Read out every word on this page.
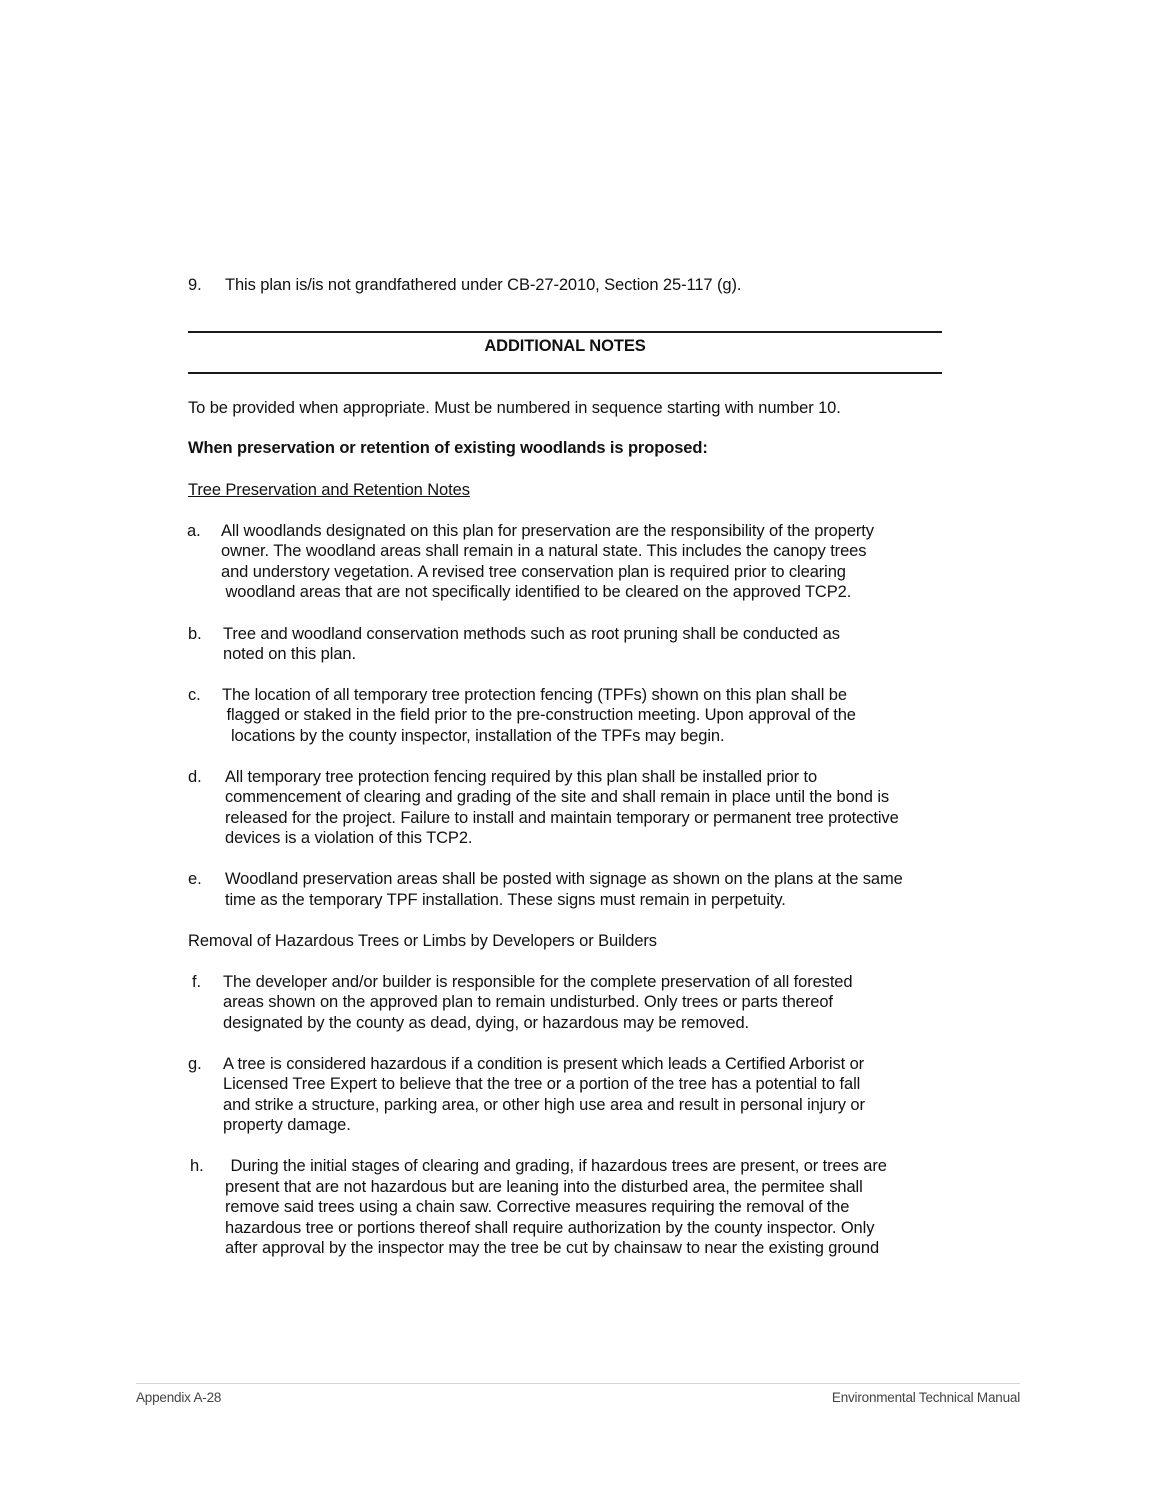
9. This plan is/is not grandfathered under CB-27-2010, Section 25-117 (g).
ADDITIONAL NOTES
To be provided when appropriate. Must be numbered in sequence starting with number 10.
When preservation or retention of existing woodlands is proposed:
Tree Preservation and Retention Notes
a. All woodlands designated on this plan for preservation are the responsibility of the property
owner. The woodland areas shall remain in a natural state. This includes the canopy trees
and understory vegetation. A revised tree conservation plan is required prior to clearing
woodland areas that are not specifically identified to be cleared on the approved TCP2.
b. Tree and woodland conservation methods such as root pruning shall be conducted as
noted on this plan.
c. The location of all temporary tree protection fencing (TPFs) shown on this plan shall be
flagged or staked in the field prior to the pre-construction meeting. Upon approval of the
locations by the county inspector, installation of the TPFs may begin.
d. All temporary tree protection fencing required by this plan shall be installed prior to
commencement of clearing and grading of the site and shall remain in place until the bond is
released for the project. Failure to install and maintain temporary or permanent tree protective
devices is a violation of this TCP2.
e. Woodland preservation areas shall be posted with signage as shown on the plans at the same
time as the temporary TPF installation. These signs must remain in perpetuity.
Removal of Hazardous Trees or Limbs by Developers or Builders
f. The developer and/or builder is responsible for the complete preservation of all forested
areas shown on the approved plan to remain undisturbed. Only trees or parts thereof
designated by the county as dead, dying, or hazardous may be removed.
g. A tree is considered hazardous if a condition is present which leads a Certified Arborist or
Licensed Tree Expert to believe that the tree or a portion of the tree has a potential to fall
and strike a structure, parking area, or other high use area and result in personal injury or
property damage.
h. During the initial stages of clearing and grading, if hazardous trees are present, or trees are
present that are not hazardous but are leaning into the disturbed area, the permitee shall
remove said trees using a chain saw. Corrective measures requiring the removal of the
hazardous tree or portions thereof shall require authorization by the county inspector. Only
after approval by the inspector may the tree be cut by chainsaw to near the existing ground
Appendix A-28	Environmental Technical Manual
